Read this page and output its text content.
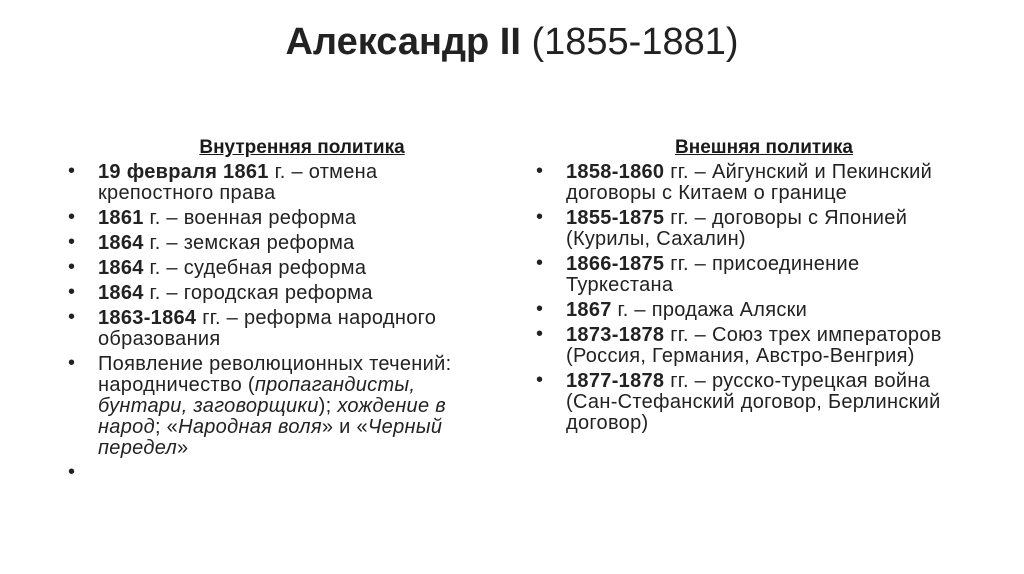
Александр II (1855-1881)
Внутренняя политика
• 19 февраля 1861 г. – отмена крепостного права
• 1861 г. – военная реформа
• 1864 г. – земская реформа
• 1864 г. – судебная реформа
• 1864 г. – городская реформа
• 1863-1864 гг. – реформа народного образования
• Появление революционных течений: народничество (пропагандисты, бунтари, заговорщики); хождение в народ; «Народная воля» и «Черный передел»
•
Внешняя политика
• 1858-1860 гг. – Айгунский и Пекинский договоры с Китаем о границе
• 1855-1875 гг. – договоры с Японией (Курилы, Сахалин)
• 1866-1875 гг. – присоединение Туркестана
• 1867 г. – продажа Аляски
• 1873-1878 гг. – Союз трех императоров (Россия, Германия, Австро-Венгрия)
• 1877-1878 гг. – русско-турецкая война (Сан-Стефанский договор, Берлинский договор)
